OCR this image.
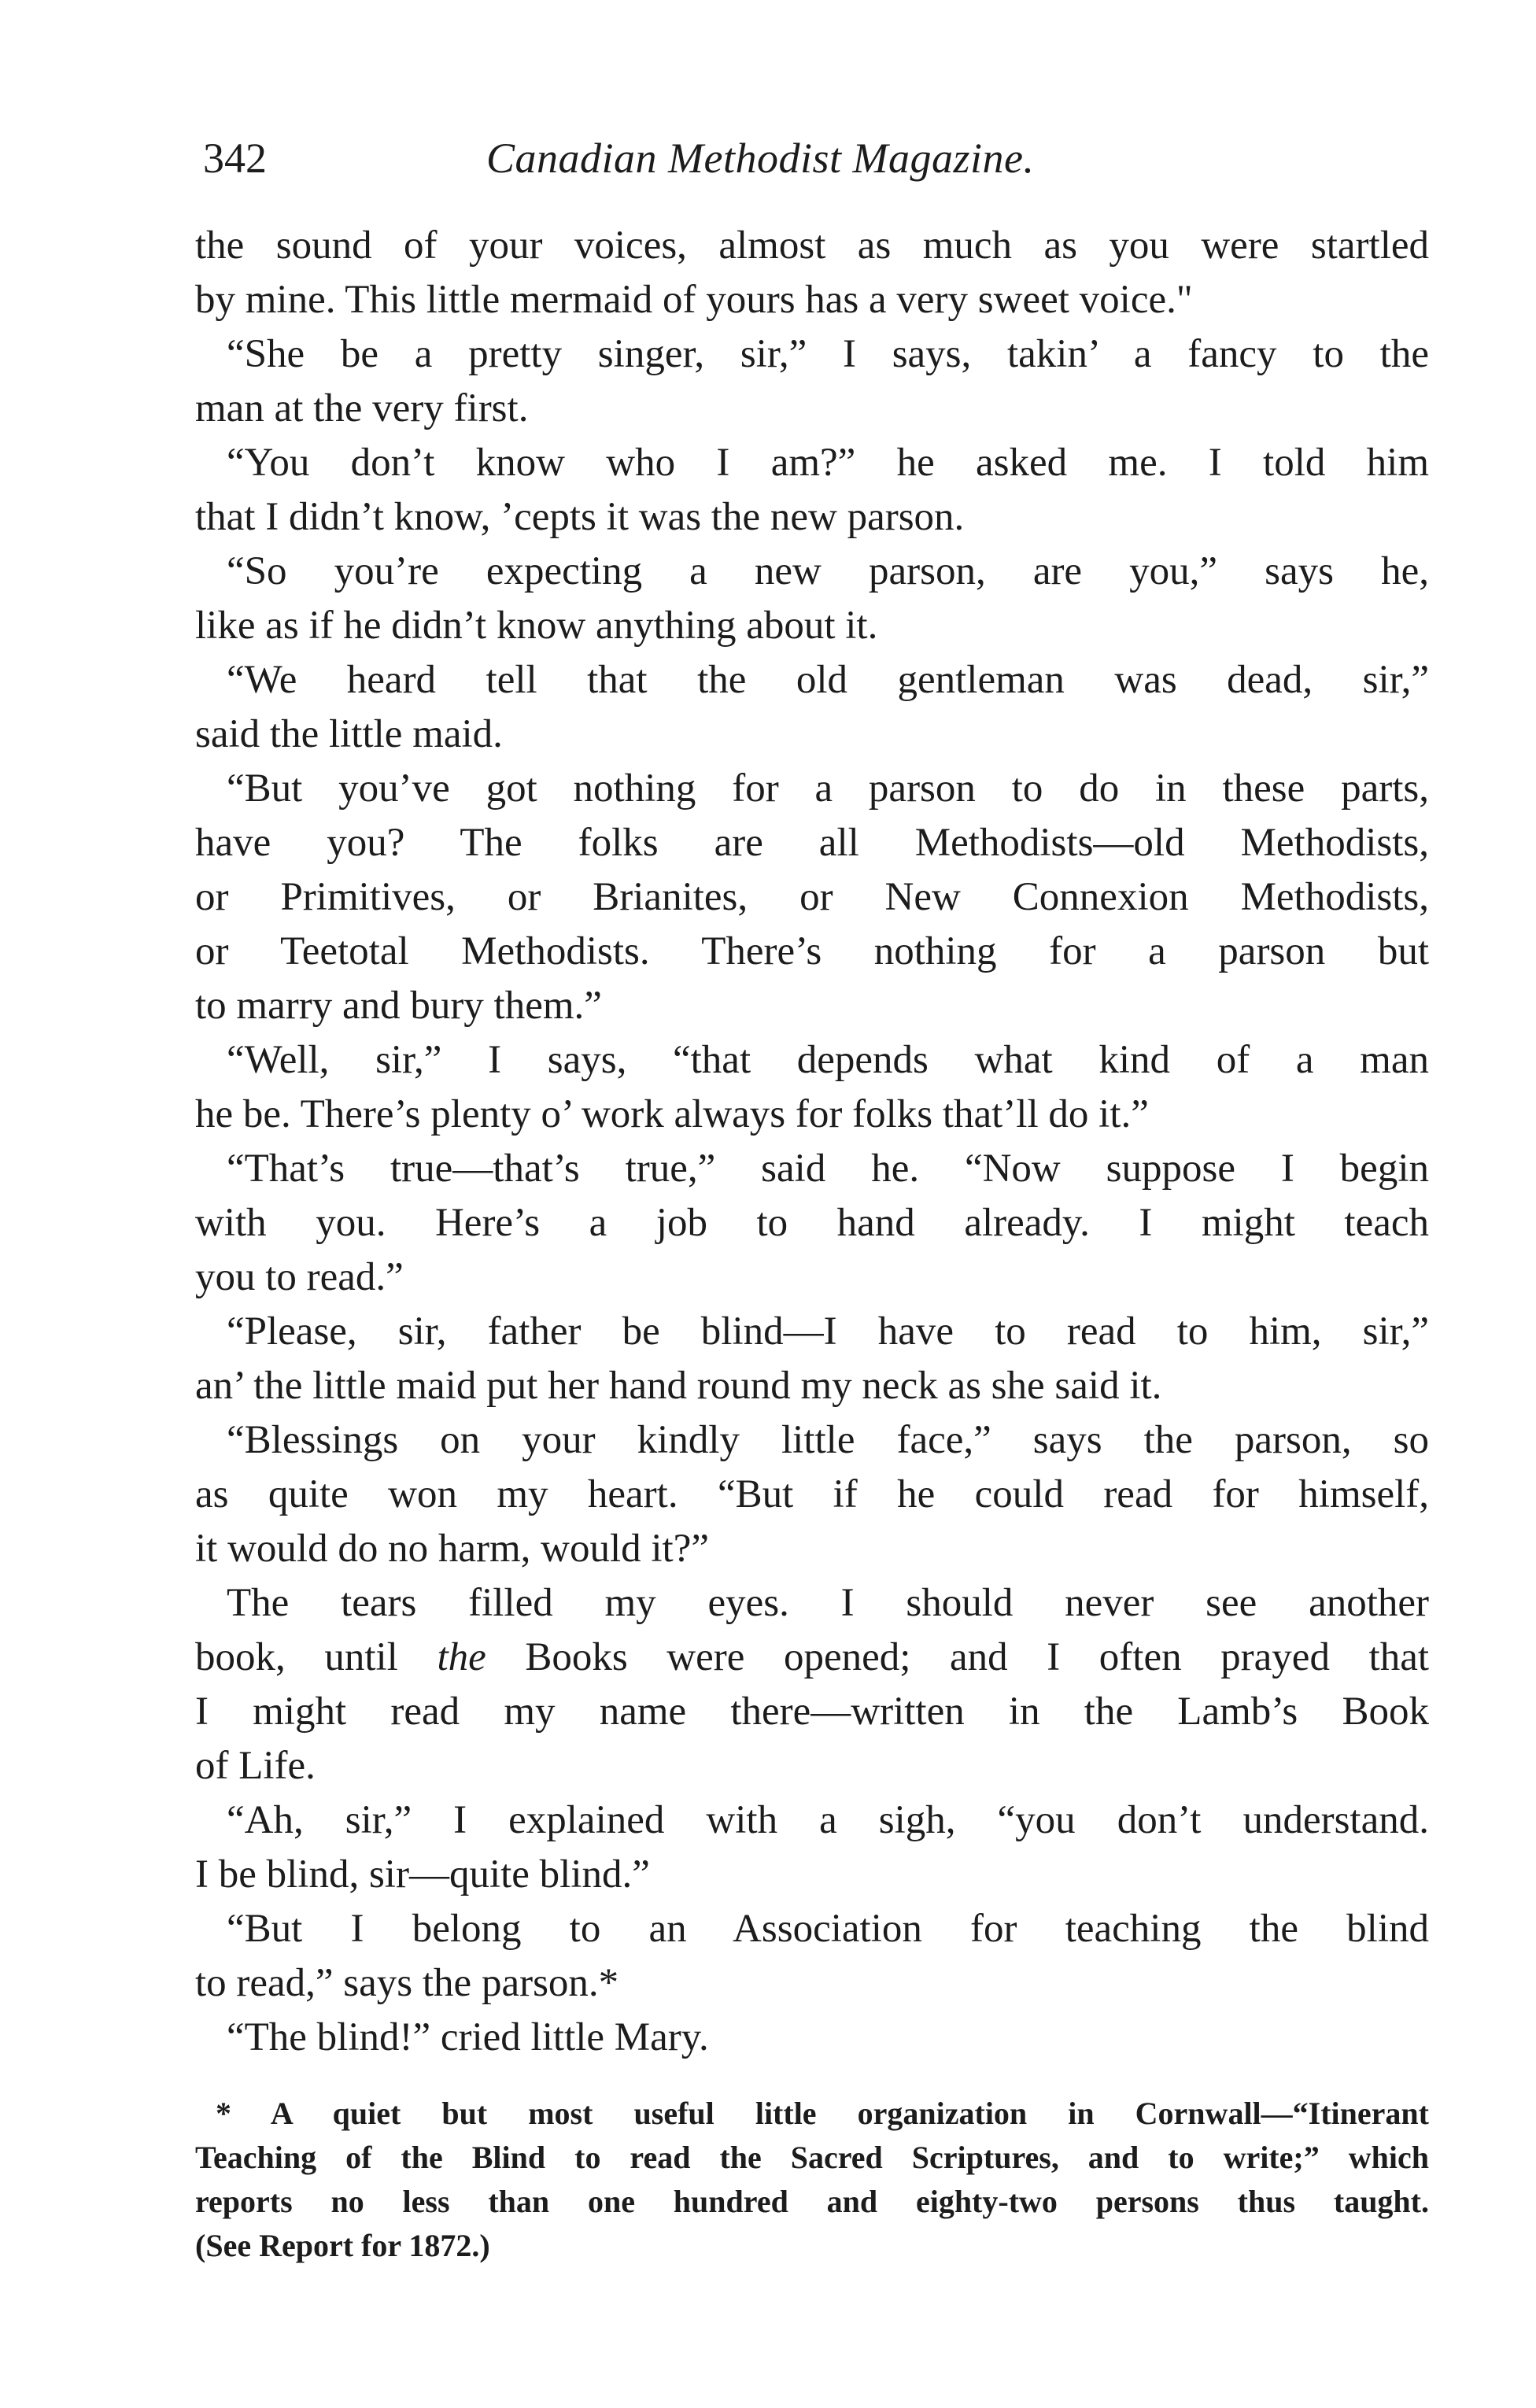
342	Canadian Methodist Magazine.
the sound of your voices, almost as much as you were startled
by mine. This little mermaid of yours has a very sweet voice."
“She be a pretty singer, sir,” I says, takin’ a fancy to the
man at the very first.
“You don’t know who I am?” he asked me. I told him
that I didn’t know, ’cepts it was the new parson.
“So you’re expecting a new parson, are you,” says he,
like as if he didn’t know anything about it.
“We heard tell that the old gentleman was dead, sir,”
said the little maid.
“But you’ve got nothing for a parson to do in these parts,
have you? The folks are all Methodists—old Methodists,
or Primitives, or Brianites, or New Connexion Methodists,
or Teetotal Methodists. There’s nothing for a parson but
to marry and bury them.”
“Well, sir,” I says, “that depends what kind of a man
he be. There’s plenty o’ work always for folks that’ll do it.”
“That’s true—that’s true,” said he. “Now suppose I begin
with you. Here’s a job to hand already. I might teach
you to read.”
“Please, sir, father be blind—I have to read to him, sir,”
an’ the little maid put her hand round my neck as she said it.
“Blessings on your kindly little face,” says the parson, so
as quite won my heart. “But if he could read for himself,
it would do no harm, would it?”
The tears filled my eyes. I should never see another
book, until the Books were opened; and I often prayed that
I might read my name there—written in the Lamb’s Book
of Life.
“Ah, sir,” I explained with a sigh, “you don’t understand.
I be blind, sir—quite blind.”
“But I belong to an Association for teaching the blind
to read,” says the parson.*
“The blind!” cried little Mary.
* A quiet but most useful little organization in Cornwall—“Itinerant
Teaching of the Blind to read the Sacred Scriptures, and to write;” which
reports no less than one hundred and eighty-two persons thus taught.
(See Report for 1872.)
